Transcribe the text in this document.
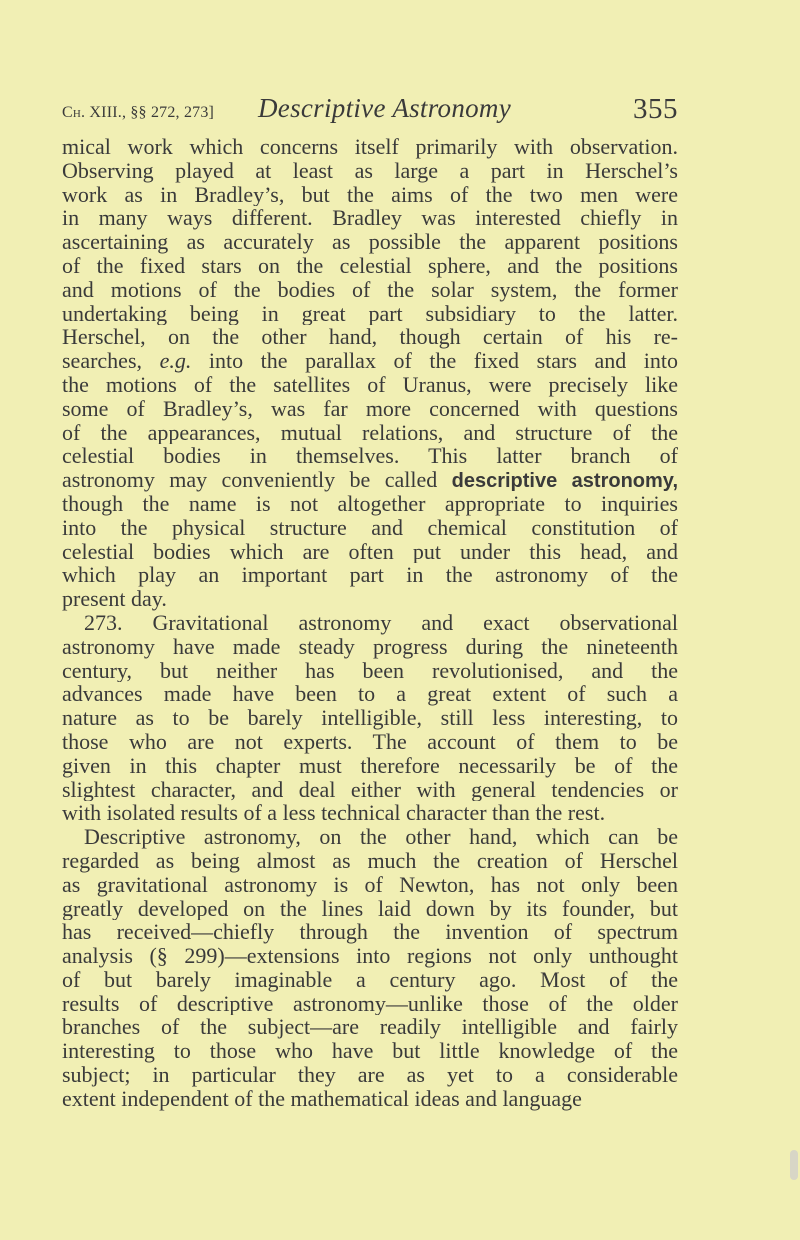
Ch. XIII., §§ 272, 273] Descriptive Astronomy	355
mical work which concerns itself primarily with observation.
Observing played at least as large a part in Herschel’s
work as in Bradley’s, but the aims of the two men were
in many ways different. Bradley was interested chiefly in
ascertaining as accurately as possible the apparent positions
of the fixed stars on the celestial sphere, and the positions
and motions of the bodies of the solar system, the former
undertaking being in great part subsidiary to the latter.
Herschel, on the other hand, though certain of his re-
searches, e.g. into the parallax of the fixed stars and into
the motions of the satellites of Uranus, were precisely like
some of Bradley’s, was far more concerned with questions
of the appearances, mutual relations, and structure of the
celestial bodies in themselves. This latter branch of
astronomy may conveniently be called descriptive astronomy,
though the name is not altogether appropriate to inquiries
into the physical structure and chemical constitution of
celestial bodies which are often put under this head, and
which play an important part in the astronomy of the
present day.
273. Gravitational astronomy and exact observational
astronomy have made steady progress during the nineteenth
century, but neither has been revolutionised, and the
advances made have been to a great extent of such a
nature as to be barely intelligible, still less interesting, to
those who are not experts. The account of them to be
given in this chapter must therefore necessarily be of the
slightest character, and deal either with general tendencies or
with isolated results of a less technical character than the rest.
Descriptive astronomy, on the other hand, which can be
regarded as being almost as much the creation of Herschel
as gravitational astronomy is of Newton, has not only been
greatly developed on the lines laid down by its founder, but
has received—chiefly through the invention of spectrum
analysis (§ 299)—extensions into regions not only unthought
of but barely imaginable a century ago. Most of the
results of descriptive astronomy—unlike those of the older
branches of the subject—are readily intelligible and fairly
interesting to those who have but little knowledge of the
subject; in particular they are as yet to a considerable
extent independent of the mathematical ideas and language
